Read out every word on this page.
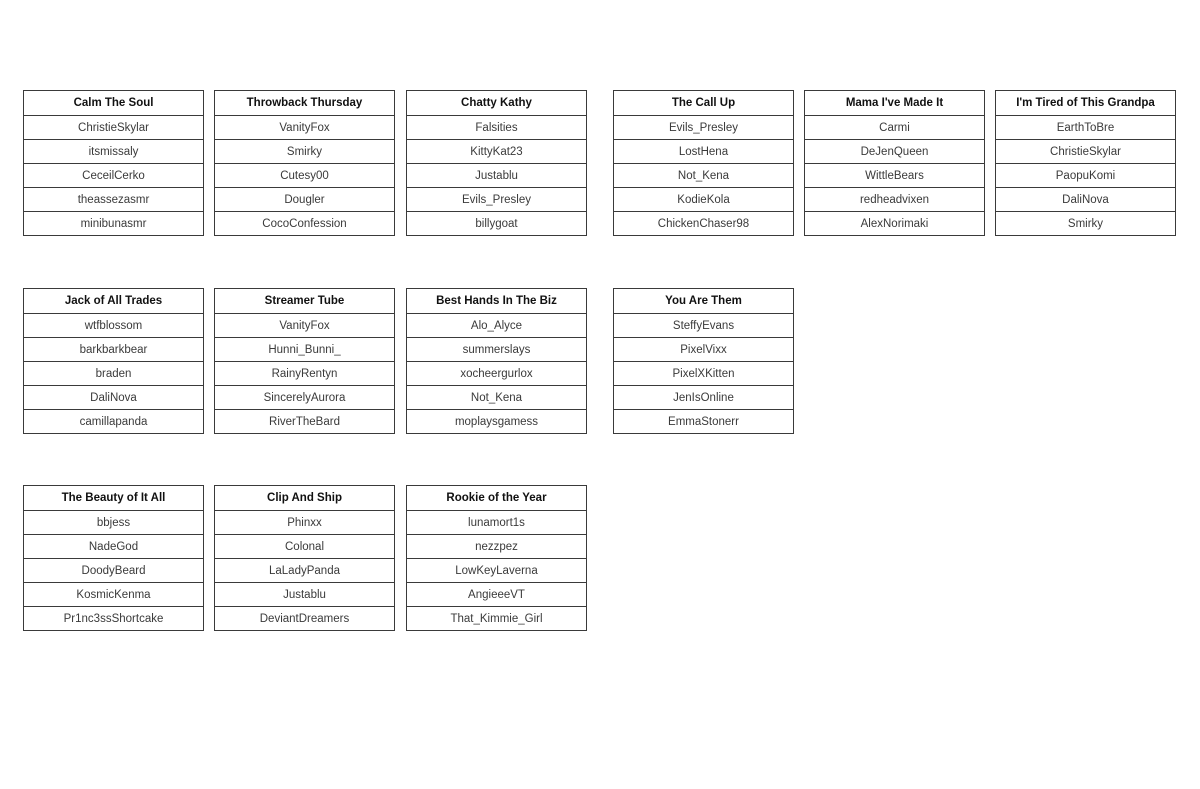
Calm The Soul
ChristieSkylar
itsmissaly
CeceilCerko
theassezasmr
minibunasmr
Throwback Thursday
VanityFox
Smirky
Cutesy00
Dougler
CocoConfession
Chatty Kathy
Falsities
KittyKat23
Justablu
Evils_Presley
billygoat
The Call Up
Evils_Presley
LostHena
Not_Kena
KodieKola
ChickenChaser98
Mama I've Made It
Carmi
DeJenQueen
WittleBears
redheadvixen
AlexNorimaki
I'm Tired of This Grandpa
EarthToBre
ChristieSkylar
PaopuKomi
DaliNova
Smirky
Jack of All Trades
wtfblossom
barkbarkbear
braden
DaliNova
camillapanda
Streamer Tube
VanityFox
Hunni_Bunni_
RainyRentyn
SincerelyAurora
RiverTheBard
Best Hands In The Biz
Alo_Alyce
summerslays
xocheergurlox
Not_Kena
moplaysgamess
You Are Them
SteffyEvans
PixelVixx
PixelXKitten
JenIsOnline
EmmaStonerr
The Beauty of It All
bbjess
NadeGod
DoodyBeard
KosmicKenma
Pr1nc3ssShortcake
Clip And Ship
Phinxx
Colonal
LaLadyPanda
Justablu
DeviantDreamers
Rookie of the Year
lunamort1s
nezzpez
LowKeyLaverna
AngieeeVT
That_Kimmie_Girl
